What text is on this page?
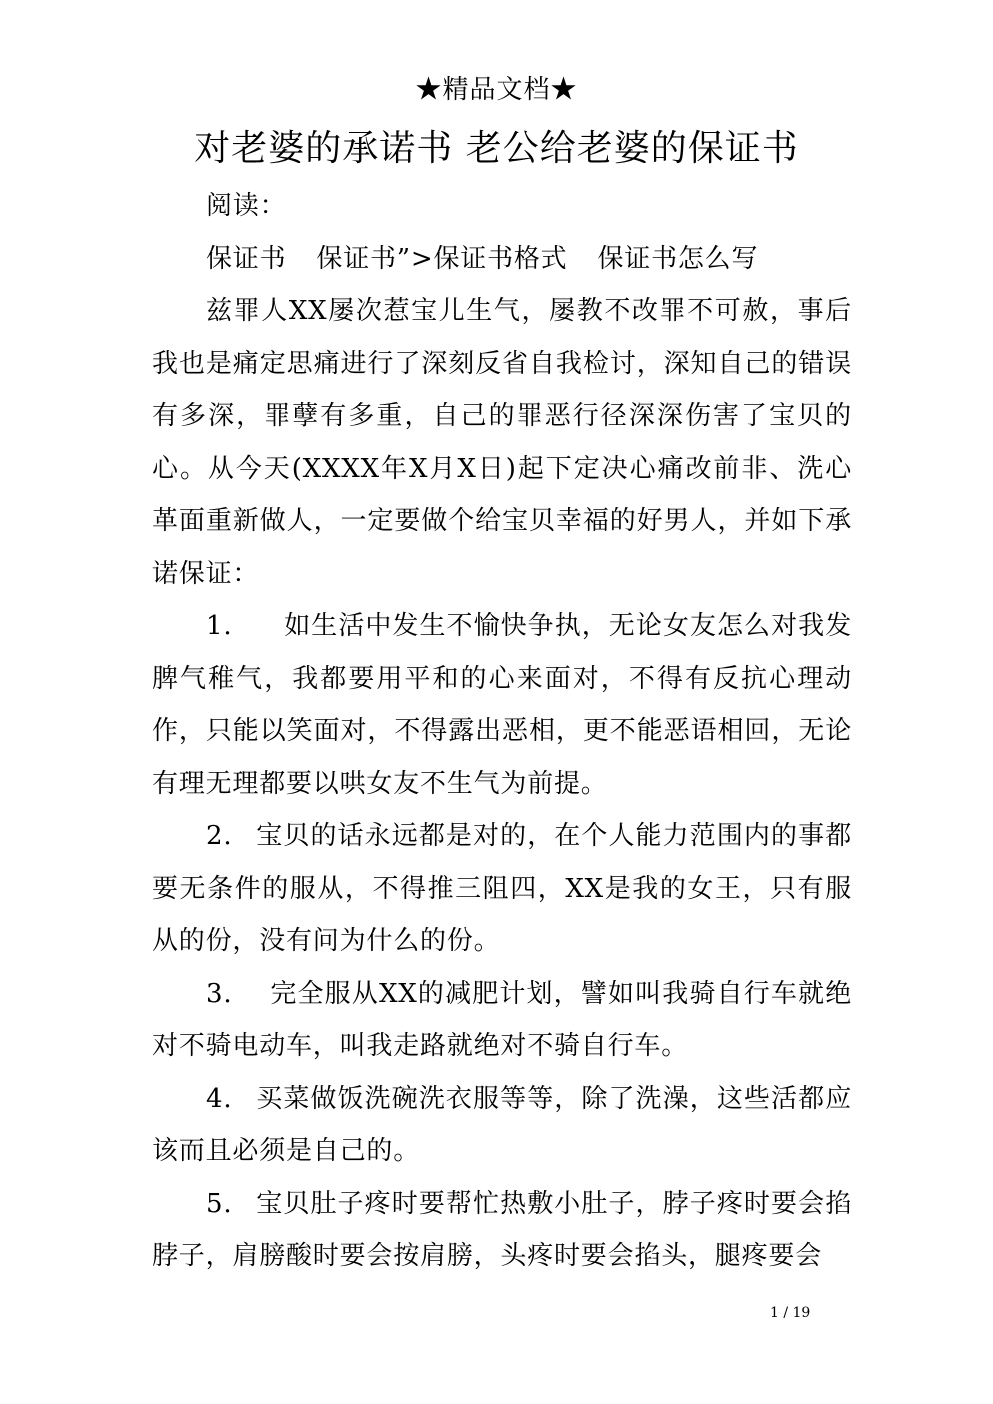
★精品文档★
对老婆的承诺书 老公给老婆的保证书

阅读：

保证书 保证书”>保证书格式 保证书怎么写

兹罪人XX屡次惹宝儿生气，屡教不改罪不可赦，事后我也是痛定思痛进行了深刻反省自我检讨，深知自己的错误有多深，罪孽有多重，自己的罪恶行径深深伤害了宝贝的心。从今天(XXXX年X月X日)起下定决心痛改前非、洗心革面重新做人，一定要做个给宝贝幸福的好男人，并如下承诺保证：

1. 如生活中发生不愉快争执，无论女友怎么对我发脾气稚气，我都要用平和的心来面对，不得有反抗心理动作，只能以笑面对，不得露出恶相，更不能恶语相回，无论有理无理都要以哄女友不生气为前提。

2. 宝贝的话永远都是对的，在个人能力范围内的事都要无条件的服从，不得推三阻四，XX是我的女王，只有服从的份，没有问为什么的份。

3. 完全服从XX的减肥计划，譬如叫我骑自行车就绝对不骑电动车，叫我走路就绝对不骑自行车。

4. 买菜做饭洗碗洗衣服等等，除了洗澡，这些活都应该而且必须是自己的。

5. 宝贝肚子疼时要帮忙热敷小肚子，脖子疼时要会掐脖子，肩膀酸时要会按肩膀，头疼时要会掐头，腿疼要会

1 / 19
